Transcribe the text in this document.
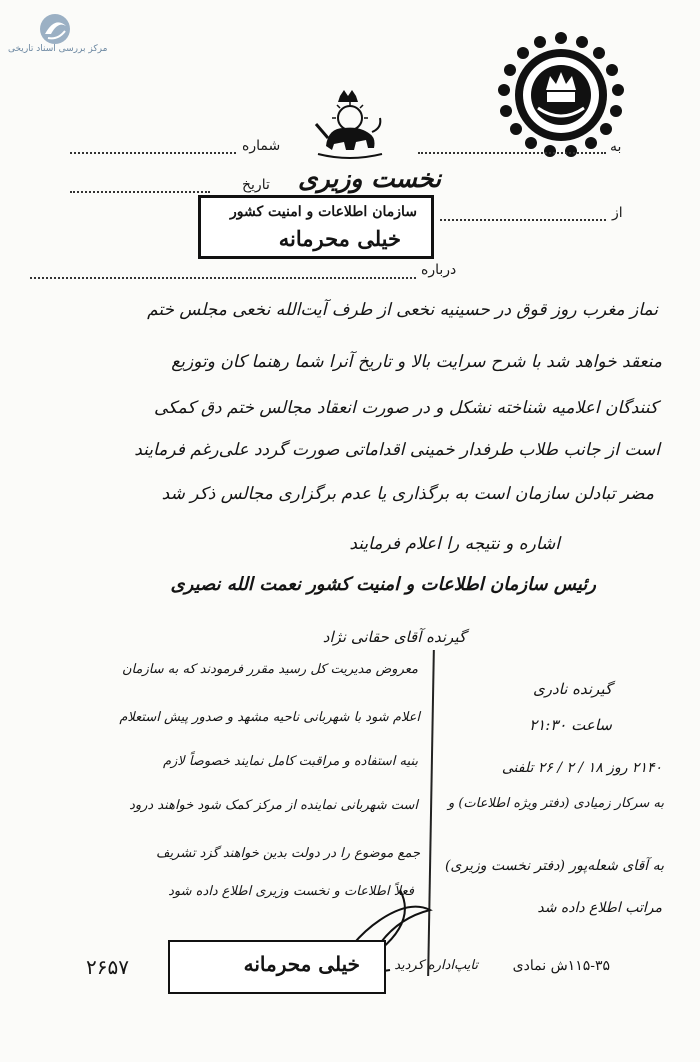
مرکز بررسی اسناد تاریخی
شماره	به
نخست وزیری
تاریخ
از
درباره
سازمان اطلاعات و امنیت کشور
خیلی محرمانه
نماز مغرب روز قوق در حسینیه نخعی از طرف آیت‌الله نخعی مجلس ختم
منعقد خواهد شد با شرح سرایت بالا و تاریخ آنرا شما رهنما کان وتوزیع
کنندگان اعلامیه شناخته نشکل و در صورت انعقاد مجالس ختم دق کمکی
است از جانب طلاب طرفدار خمینی اقداماتی صورت گردد علی‌رغم فرمایند
مضر تبادلن سازمان است به برگذاری یا عدم برگزاری مجالس ذکر شد
اشاره و نتیجه را اعلام فرمایند
رئیس سازمان اطلاعات و امنیت کشور نعمت الله نصیری
گیرنده آقای حقانی نژاد
گیرنده نادری
ساعت ۲۱:۳۰
۲۱۴۰ روز ۱۸ / ۲ / ۲۶ تلفنی
به سرکار زمیادی (دفتر ویژه اطلاعات) و
به آقای شعله‌پور (دفتر نخست وزیری)
مراتب اطلاع داده شد
معروض مدیریت کل رسید مقرر فرمودند که به سازمان
اعلام شود با شهربانی ناحیه مشهد و صدور پیش استعلام
بنیه استفاده و مراقبت کامل نمایند خصوصاً لازم
است شهربانی نماینده از مرکز کمک شود خواهند درود
جمع موضوع را در دولت بدین خواهند گزد تشریف
فعلاً اطلاعات و نخست وزیری اطلاع داده شود
۲۶۵۷	خیلی محرمانه	تایپ‌اداره کردید ۱۱۵-۳۵ش نمادی
